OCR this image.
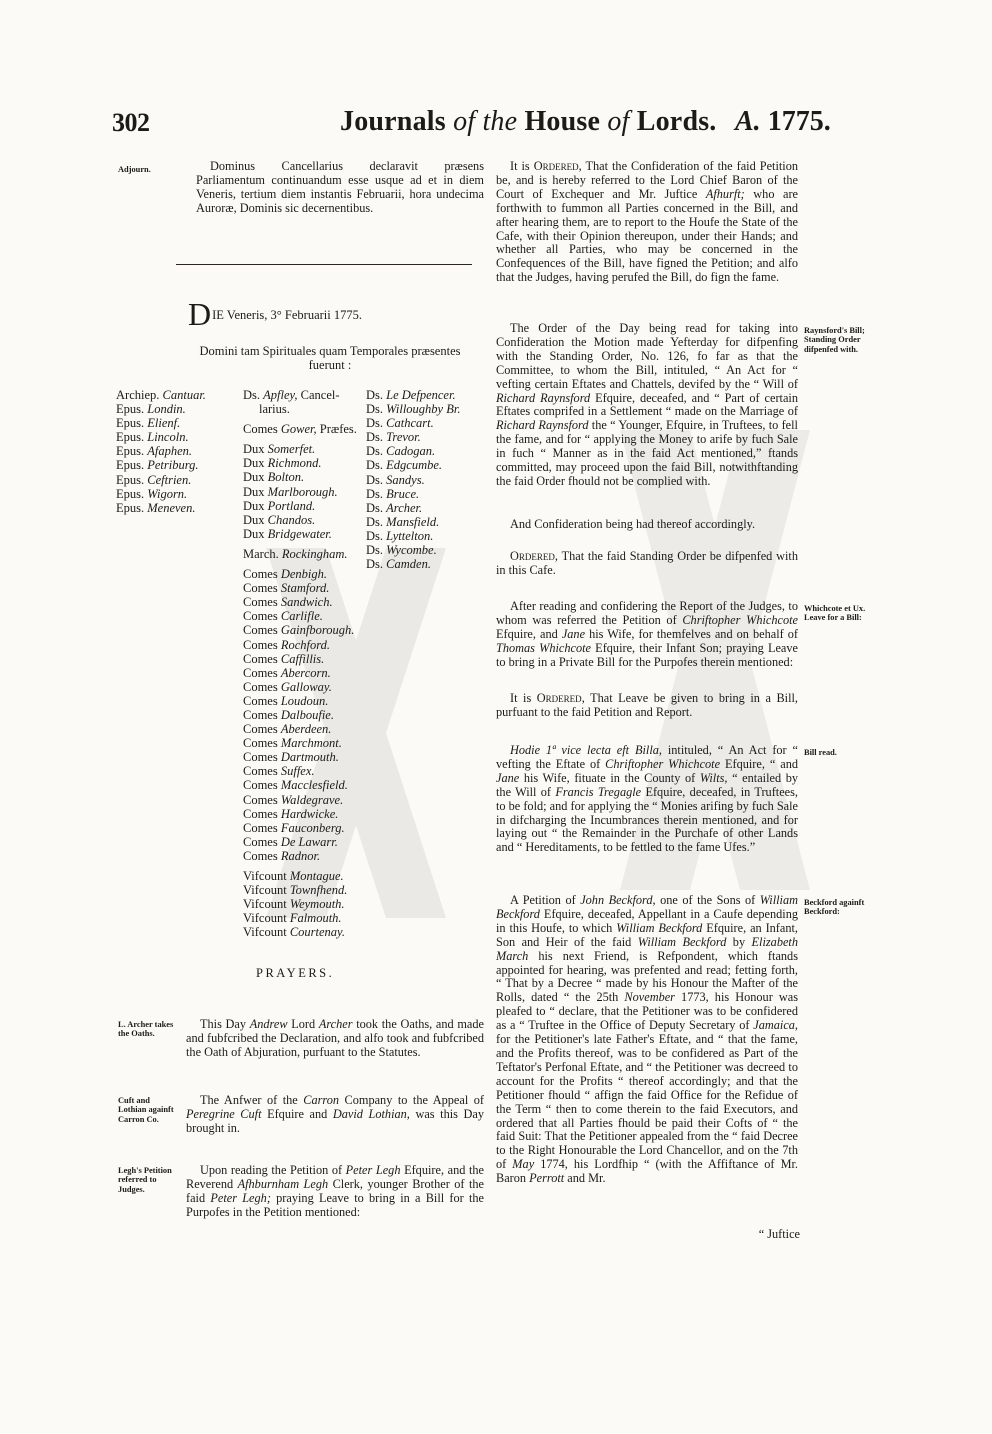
302	Journals of the House of Lords. A. 1775.
Adjourn.	Dominus Cancellarius declaravit præsens Parliamentum continuandum esse usque ad et in diem Veneris, tertium diem instantis Februarii, hora undecima Auroræ, Dominis sic decernentibus.

DIE Veneris, 3° Februarii 1775.
Domini tam Spirituales quam Temporales præsentes
fuerunt :
Archiep. Cantuar.
Epus. Londin.
Epus. Elienf.
Epus. Lincoln.
Epus. Afaphen.
Epus. Petriburg.
Epus. Ceftrien.
Epus. Wigorn.
Epus. Meneven.
Ds. Apfley, Cancel-
larius.
Comes Gower, Præfes.
Dux Somerfet.
Dux Richmond.
Dux Bolton.
Dux Marlborough.
Dux Portland.
Dux Chandos.
Dux Bridgewater.
March. Rockingham.
Comes Denbigh.
Comes Stamford.
Comes Sandwich.
Comes Carlifle.
Comes Gainfborough.
Comes Rochford.
Comes Caffillis.
Comes Abercorn.
Comes Galloway.
Comes Loudoun.
Comes Dalboufie.
Comes Aberdeen.
Comes Marchmont.
Comes Dartmouth.
Comes Suffex.
Comes Macclesfield.
Comes Waldegrave.
Comes Hardwicke.
Comes Fauconberg.
Comes De Lawarr.
Comes Radnor.
Vifcount Montague.
Vifcount Townfhend.
Vifcount Weymouth.
Vifcount Falmouth.
Vifcount Courtenay.
Ds. Le Defpencer.
Ds. Willoughby Br.
Ds. Cathcart.
Ds. Trevor.
Ds. Cadogan.
Ds. Edgcumbe.
Ds. Sandys.
Ds. Bruce.
Ds. Archer.
Ds. Mansfield.
Ds. Lyttelton.
Ds. Wycombe.
Ds. Camden.
PRAYERS.
L. Archer takes the Oaths.

This Day Andrew Lord Archer took the Oaths, and made and fubfcribed the Declaration, and alfo took and fubfcribed the Oath of Abjuration, purfuant to the Statutes.

Cuft and Lothian againft Carron Co.

The Anfwer of the Carron Company to the Appeal of Peregrine Cuft Efquire and David Lothian, was this Day brought in.

Legh's Petition referred to Judges.

Upon reading the Petition of Peter Legh Efquire, and the Reverend Afhburnham Legh Clerk, younger Brother of the faid Peter Legh; praying Leave to bring in a Bill for the Purpofes in the Petition mentioned:

It is Ordered, That the Confideration of the faid Petition be, and is hereby referred to the Lord Chief Baron of the Court of Exchequer and Mr. Juftice Afhurft; who are forthwith to fummon all Parties concerned in the Bill, and after hearing them, are to report to the Houfe the State of the Cafe, with their Opinion thereupon, under their Hands; and whether all Parties, who may be concerned in the Confequences of the Bill, have figned the Petition; and alfo that the Judges, having perufed the Bill, do fign the fame.

Raynsford's Bill; Standing Order difpenfed with.

The Order of the Day being read for taking into Confideration the Motion made Yefterday for difpenfing with the Standing Order, No. 126, fo far as that the Committee, to whom the Bill, intituled, “ An Act for “ vefting certain Eftates and Chattels, devifed by the “ Will of Richard Raynsford Efquire, deceafed, and “ Part of certain Eftates comprifed in a Settlement “ made on the Marriage of Richard Raynsford the “ Younger, Efquire, in Truftees, to fell the fame, and for “ applying the Money to arife by fuch Sale in fuch “ Manner as in the faid Act mentioned,” ftands committed, may proceed upon the faid Bill, notwithftanding the faid Order fhould not be complied with.

And Confideration being had thereof accordingly.

Ordered, That the faid Standing Order be difpenfed with in this Cafe.

Whichcote et Ux. Leave for a Bill:

After reading and confidering the Report of the Judges, to whom was referred the Petition of Chriftopher Whichcote Efquire, and Jane his Wife, for themfelves and on behalf of Thomas Whichcote Efquire, their Infant Son; praying Leave to bring in a Private Bill for the Purpofes therein mentioned:

It is Ordered, That Leave be given to bring in a Bill, purfuant to the faid Petition and Report.

Bill read.

Hodie 1ª vice lecta eft Billa, intituled, “ An Act for “ vefting the Eftate of Chriftopher Whichcote Efquire, “ and Jane his Wife, fituate in the County of Wilts, “ entailed by the Will of Francis Tregagle Efquire, deceafed, in Truftees, to be fold; and for applying the “ Monies arifing by fuch Sale in difcharging the Incumbrances therein mentioned, and for laying out “ the Remainder in the Purchafe of other Lands and “ Hereditaments, to be fettled to the fame Ufes.”

Beckford againft Beckford:

A Petition of John Beckford, one of the Sons of William Beckford Efquire, deceafed, Appellant in a Caufe depending in this Houfe, to which William Beckford Efquire, an Infant, Son and Heir of the faid William Beckford by Elizabeth March his next Friend, is Refpondent, which ftands appointed for hearing, was prefented and read; fetting forth, “ That by a Decree “ made by his Honour the Mafter of the Rolls, dated “ the 25th November 1773, his Honour was pleafed to “ declare, that the Petitioner was to be confidered as a “ Truftee in the Office of Deputy Secretary of Jamaica, for the Petitioner's late Father's Eftate, and “ that the fame, and the Profits thereof, was to be confidered as Part of the Teftator's Perfonal Eftate, and “ the Petitioner was decreed to account for the Profits “ thereof accordingly; and that the Petitioner fhould “ affign the faid Office for the Refidue of the Term “ then to come therein to the faid Executors, and ordered that all Parties fhould be paid their Cofts of “ the faid Suit: That the Petitioner appealed from the “ faid Decree to the Right Honourable the Lord Chancellor, and on the 7th of May 1774, his Lordfhip “ (with the Affiftance of Mr. Baron Perrott and Mr.

“ Juftice
